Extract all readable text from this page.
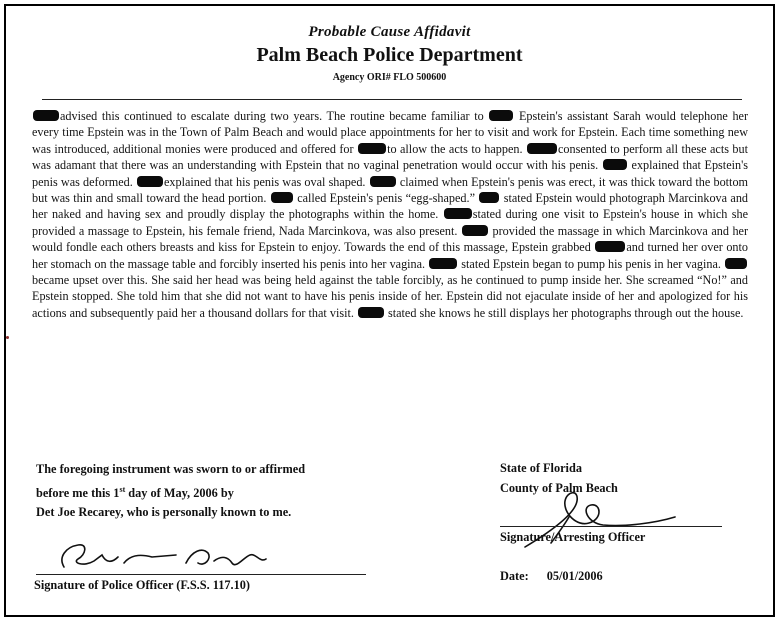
Probable Cause Affidavit
Palm Beach Police Department
Agency ORI# FLO 500600
advised this continued to escalate during two years. The routine became familiar to	Epstein's assistant Sarah would telephone her every time Epstein was in the Town of Palm Beach and would place appointments for her to visit and work for Epstein. Each time something new was introduced, additional monies were produced and offered for	to allow the acts to happen.	consented to perform all these acts but was adamant that there was an understanding with Epstein that no vaginal penetration would occur with his penis.	explained that Epstein's penis was deformed.	explained that his penis was oval shaped.	claimed when Epstein's penis was erect, it was thick toward the bottom but was thin and small toward the head portion.	called Epstein's penis “egg-shaped.” stated Epstein would photograph Marcinkova and her naked and having sex and proudly display the photographs within the home.	stated during one visit to Epstein's house in which she provided a massage to Epstein, his female friend, Nada Marcinkova, was also present.	provided the massage in which Marcinkova and her would fondle each others breasts and kiss for Epstein to enjoy. Towards the end of this massage, Epstein grabbed	and turned her over onto her stomach on the massage table and forcibly inserted his penis into her vagina.	stated Epstein began to pump his penis in her vagina. became upset over this. She said her head was being held against the table forcibly, as he continued to pump inside her. She screamed “No!” and Epstein stopped. She told him that she did not want to have his penis inside of her. Epstein did not ejaculate inside of her and apologized for his actions and subsequently paid her a thousand dollars for that visit.	stated she knows he still displays her photographs through out the house.
The foregoing instrument was sworn to or affirmed
before me this 1st day of May, 2006 by
Det Joe Recarey, who is personally known to me.
State of Florida
County of Palm Beach
Signature of Police Officer (F.S.S. 117.10)
Signature/Arresting Officer
Date: 05/01/2006
